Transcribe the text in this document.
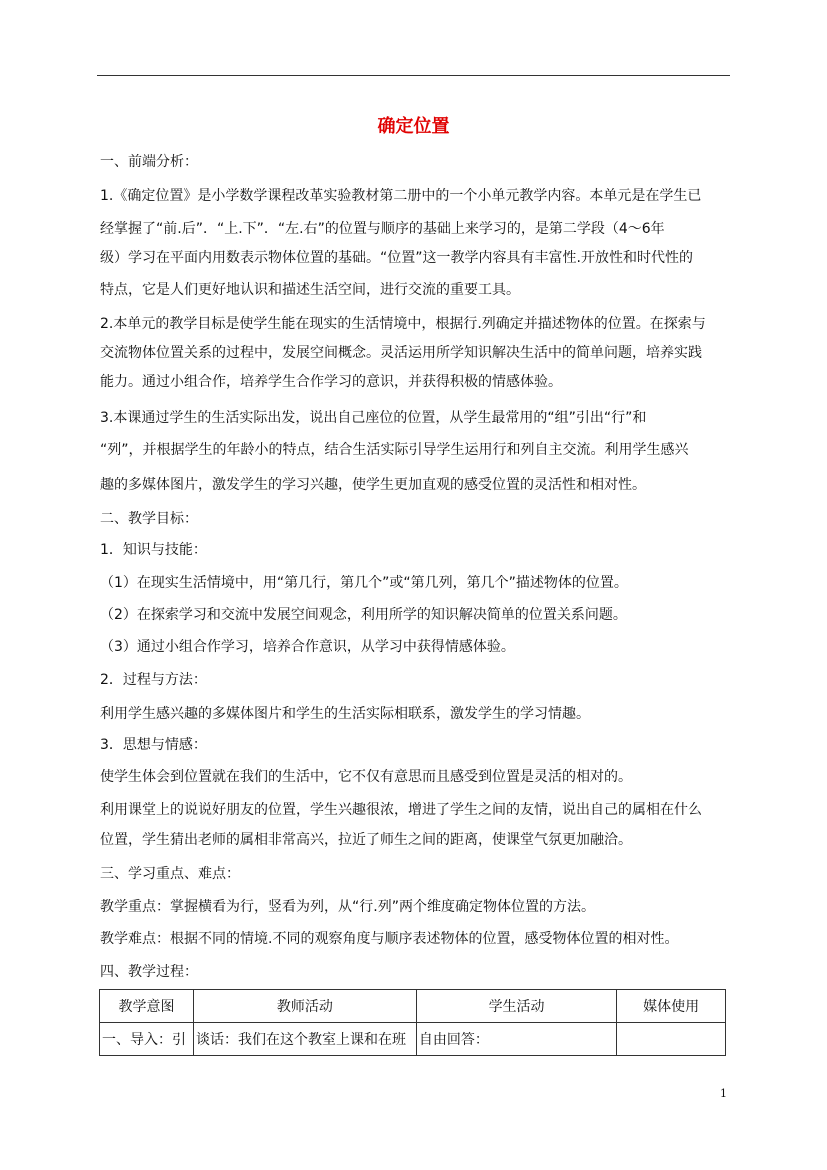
确定位置
一、前端分析：
1.《确定位置》是小学数学课程改革实验教材第二册中的一个小单元教学内容。本单元是在学生已
经掌握了“前.后”．“上.下”．“左.右”的位置与顺序的基础上来学习的，是第二学段（4～6年
级）学习在平面内用数表示物体位置的基础。“位置”这一教学内容具有丰富性.开放性和时代性的
特点，它是人们更好地认识和描述生活空间，进行交流的重要工具。
2.本单元的教学目标是使学生能在现实的生活情境中，根据行.列确定并描述物体的位置。在探索与
交流物体位置关系的过程中，发展空间概念。灵活运用所学知识解决生活中的简单问题，培养实践
能力。通过小组合作，培养学生合作学习的意识，并获得积极的情感体验。
3.本课通过学生的生活实际出发，说出自己座位的位置，从学生最常用的“组”引出“行”和
“列”，并根据学生的年龄小的特点，结合生活实际引导学生运用行和列自主交流。利用学生感兴
趣的多媒体图片，激发学生的学习兴趣，使学生更加直观的感受位置的灵活性和相对性。
二、教学目标：
1．知识与技能：
（1）在现实生活情境中，用“第几行，第几个”或“第几列，第几个”描述物体的位置。
（2）在探索学习和交流中发展空间观念，利用所学的知识解决简单的位置关系问题。
（3）通过小组合作学习，培养合作意识，从学习中获得情感体验。
2．过程与方法：
利用学生感兴趣的多媒体图片和学生的生活实际相联系，激发学生的学习情趣。
3．思想与情感：
使学生体会到位置就在我们的生活中，它不仅有意思而且感受到位置是灵活的相对的。
利用课堂上的说说好朋友的位置，学生兴趣很浓，增进了学生之间的友情，说出自己的属相在什么
位置，学生猜出老师的属相非常高兴，拉近了师生之间的距离，使课堂气氛更加融洽。
三、学习重点、难点：
教学重点：掌握横看为行，竖看为列，从“行.列”两个维度确定物体位置的方法。
教学难点：根据不同的情境.不同的观察角度与顺序表述物体的位置，感受物体位置的相对性。
四、教学过程：
教学意图	教师活动	学生活动	媒体使用
一、导入：引	谈话：我们在这个教室上课和在班	自由回答：	
1
